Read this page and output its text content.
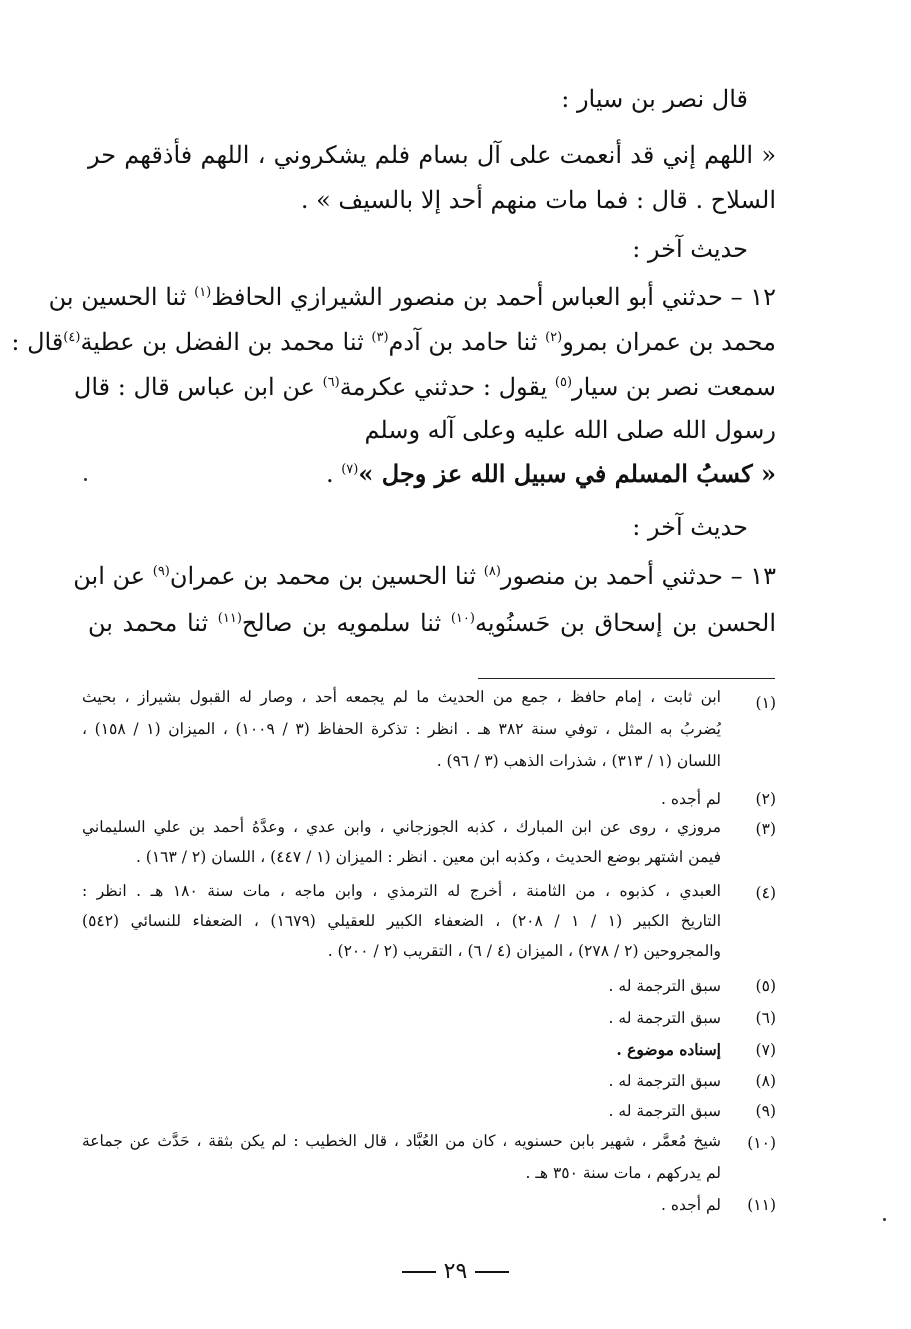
قال نصر بن سيار :
« اللهم إني قد أنعمت على آل بسام فلم يشكروني ، اللهم فأذقهم حر
السلاح . قال : فما مات منهم أحد إلا بالسيف » .
حديث آخر :
١٢ – حدثني أبو العباس أحمد بن منصور الشيرازي الحافظ$^{(١)}$ ثنا الحسين بن
محمد بن عمران بمرو$^{(٢)}$ ثنا حامد بن آدم$^{(٣)}$ ثنا محمد بن الفضل بن عطية$^{(٤)}$قال :
سمعت نصر بن سيار$^{(٥)}$ يقول : حدثني عكرمة$^{(٦)}$ عن ابن عباس قال : قال
رسول الله صلى الله عليه وعلى آله وسلم
« كسبُ المسلم في سبيل الله عز وجل »$^{(٧)}$ .
حديث آخر :
١٣ – حدثني أحمد بن منصور$^{(٨)}$ ثنا الحسين بن محمد بن عمران$^{(٩)}$ عن ابن
الحسن بن إسحاق بن حَسنُويه$^{(١٠)}$ ثنا سلمويه بن صالح$^{(١١)}$ ثنا محمد بن
(١)
(٢)
(٣)
(٤)
(٥)
(٦)
(٧)
(٨)
(٩)
(١٠)
(١١)
ابن ثابت ، إمام حافظ ، جمع من الحديث ما لم يجمعه أحد ، وصار له القبول بشيراز ، بحيث
يُضربُ به المثل ، توفي سنة ٣٨٢ هـ . انظر : تذكرة الحفاظ (٣ / ١٠٠٩) ، الميزان (١ / ١٥٨) ،
اللسان (١ / ٣١٣) ، شذرات الذهب (٣ / ٩٦) .
لم أجده .
مروزي ، روى عن ابن المبارك ، كذبه الجوزجاني ، وابن عدي ، وعدَّهُ أحمد بن علي السليماني
فيمن اشتهر بوضع الحديث ، وكذبه ابن معين . انظر : الميزان (١ / ٤٤٧) ، اللسان (٢ / ١٦٣) .
العبدي ، كذبوه ، من الثامنة ، أخرج له الترمذي ، وابن ماجه ، مات سنة ١٨٠ هـ . انظر :
التاريخ الكبير (١ / ١ / ٢٠٨) ، الضعفاء الكبير للعقيلي (١٦٧٩) ، الضعفاء للنسائي (٥٤٢)
والمجروحين (٢ / ٢٧٨) ، الميزان (٤ / ٦) ، التقريب (٢ / ٢٠٠) .
سبق الترجمة له .
سبق الترجمة له .
إسناده موضوع .
سبق الترجمة له .
سبق الترجمة له .
شيخ مُعمَّر ، شهير بابن حسنويه ، كان من العُبَّاد ، قال الخطيب : لم يكن بثقة ، حَدَّث عن جماعة
لم يدركهم ، مات سنة ٣٥٠ هـ .
لم أجده .
٢٩
